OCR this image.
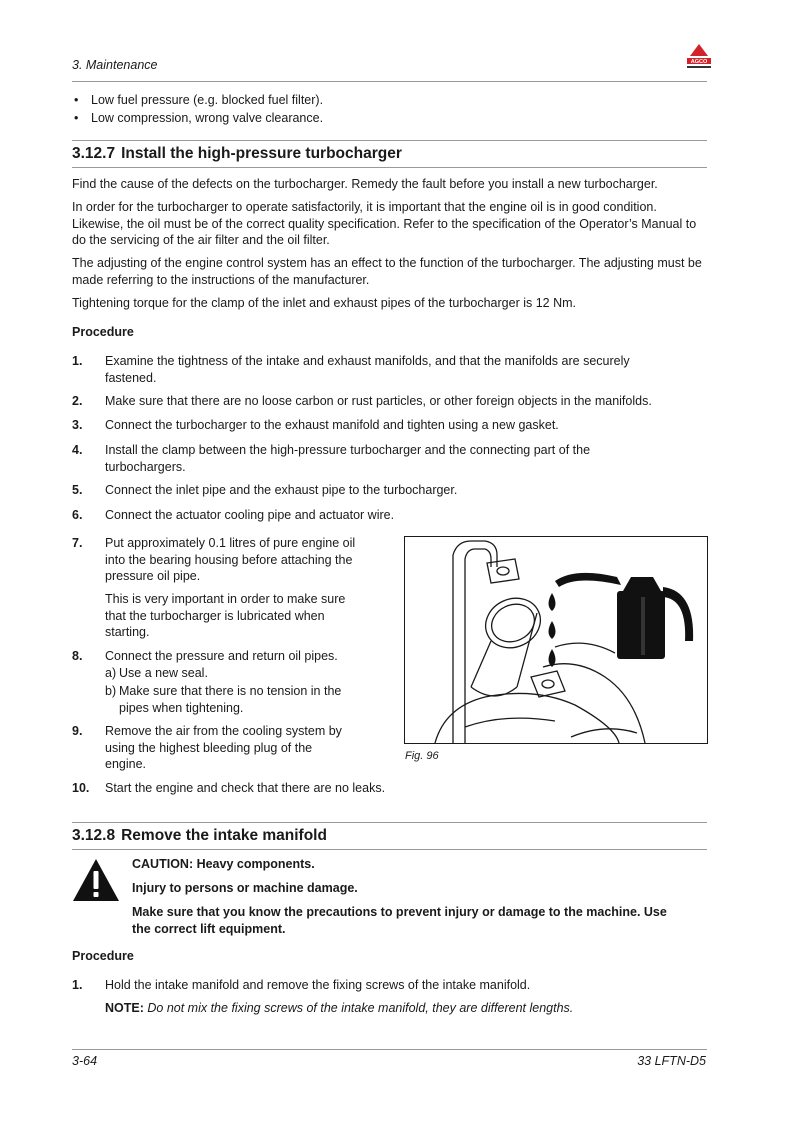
3. Maintenance	AGCO
• Low fuel pressure (e.g. blocked fuel filter).
• Low compression, wrong valve clearance.
3.12.7 Install the high-pressure turbocharger

Find the cause of the defects on the turbocharger. Remedy the fault before you install a new turbocharger.

In order for the turbocharger to operate satisfactorily, it is important that the engine oil is in good condition. Likewise, the oil must be of the correct quality specification. Refer to the specification of the Operator’s Manual to do the servicing of the air filter and the oil filter.

The adjusting of the engine control system has an effect to the function of the turbocharger. The adjusting must be made referring to the instructions of the manufacturer.

Tightening torque for the clamp of the inlet and exhaust pipes of the turbocharger is 12 Nm.

Procedure
1. Examine the tightness of the intake and exhaust manifolds, and that the manifolds are securely
fastened.
2. Make sure that there are no loose carbon or rust particles, or other foreign objects in the manifolds.
3. Connect the turbocharger to the exhaust manifold and tighten using a new gasket.
4. Install the clamp between the high-pressure turbocharger and the connecting part of the
turbochargers.
5. Connect the inlet pipe and the exhaust pipe to the turbocharger.
6. Connect the actuator cooling pipe and actuator wire.
7. Put approximately 0.1 litres of pure engine oil
into the bearing housing before attaching the
pressure oil pipe.
This is very important in order to make sure
that the turbocharger is lubricated when
starting.
8. Connect the pressure and return oil pipes.
a) Use a new seal.
b) Make sure that there is no tension in the
pipes when tightening.
9. Remove the air from the cooling system by
using the highest bleeding plug of the
engine.
10. Start the engine and check that there are no leaks.
Fig. 96
3.12.8 Remove the intake manifold
CAUTION: Heavy components.
Injury to persons or machine damage.
Make sure that you know the precautions to prevent injury or damage to the machine. Use
the correct lift equipment.
Procedure
1. Hold the intake manifold and remove the fixing screws of the intake manifold.
NOTE: Do not mix the fixing screws of the intake manifold, they are different lengths.
3-64	33 LFTN-D5
